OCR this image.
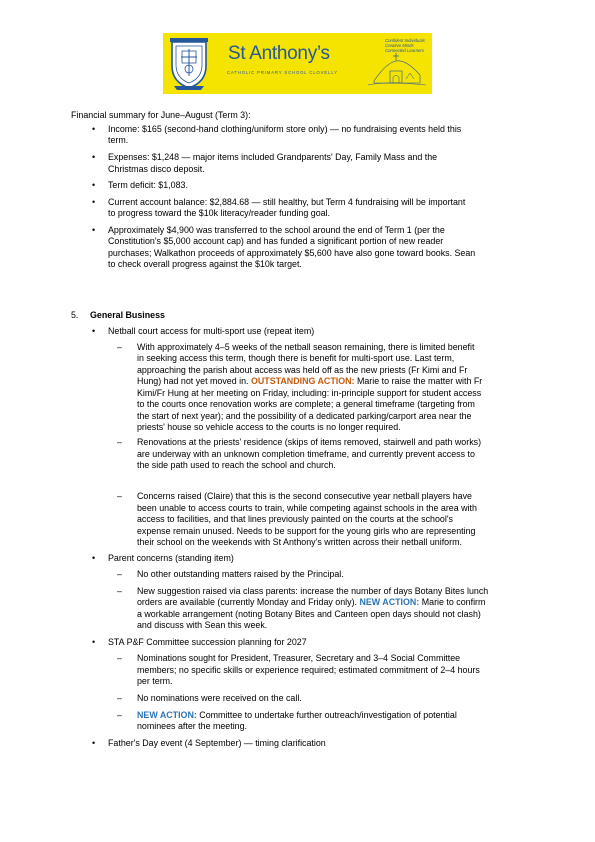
St Anthony’s
CATHOLIC PRIMARY SCHOOL CLOVELLY
Confident Individuals
Creative Minds
Connected Learners
Financial summary for June–August (Term 3):
• Income: $165 (second-hand clothing/uniform store only) — no fundraising events held this
term.
• Expenses: $1,248 — major items included Grandparents' Day, Family Mass and the
Christmas disco deposit.
• Term deficit: $1,083.
• Current account balance: $2,884.68 — still healthy, but Term 4 fundraising will be important
to progress toward the $10k literacy/reader funding goal.
• Approximately $4,900 was transferred to the school around the end of Term 1 (per the
Constitution's $5,000 account cap) and has funded a significant portion of new reader
purchases; Walkathon proceeds of approximately $5,600 have also gone toward books. Sean
to check overall progress against the $10k target.
5. General Business
• Netball court access for multi-sport use (repeat item)
– With approximately 4–5 weeks of the netball season remaining, there is limited benefit
in seeking access this term, though there is benefit for multi-sport use. Last term,
approaching the parish about access was held off as the new priests (Fr Kimi and Fr
Hung) had not yet moved in. OUTSTANDING ACTION: Marie to raise the matter with Fr
Kimi/Fr Hung at her meeting on Friday, including: in-principle support for student access
to the courts once renovation works are complete; a general timeframe (targeting from
the start of next year); and the possibility of a dedicated parking/carport area near the
priests' house so vehicle access to the courts is no longer required.
– Renovations at the priests' residence (skips of items removed, stairwell and path works)
are underway with an unknown completion timeframe, and currently prevent access to
the side path used to reach the school and church.
– Concerns raised (Claire) that this is the second consecutive year netball players have
been unable to access courts to train, while competing against schools in the area with
access to facilities, and that lines previously painted on the courts at the school's
expense remain unused. Needs to be support for the young girls who are representing
their school on the weekends with St Anthony’s written across their netball uniform.
• Parent concerns (standing item)
– No other outstanding matters raised by the Principal.
– New suggestion raised via class parents: increase the number of days Botany Bites lunch
orders are available (currently Monday and Friday only). NEW ACTION: Marie to confirm
a workable arrangement (noting Botany Bites and Canteen open days should not clash)
and discuss with Sean this week.
• STA P&F Committee succession planning for 2027
– Nominations sought for President, Treasurer, Secretary and 3–4 Social Committee
members; no specific skills or experience required; estimated commitment of 2–4 hours
per term.
– No nominations were received on the call.
– NEW ACTION: Committee to undertake further outreach/investigation of potential
nominees after the meeting.
• Father's Day event (4 September) — timing clarification
